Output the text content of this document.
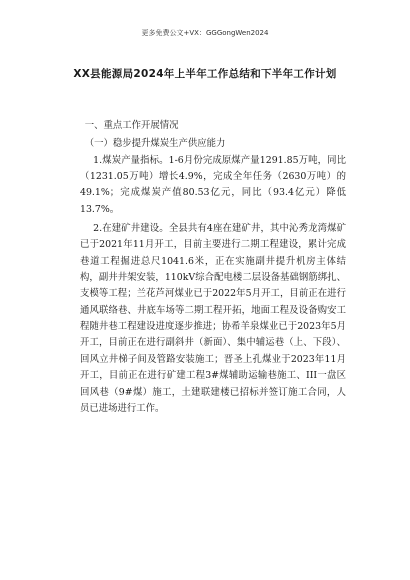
更多免费公文+VX：GGGongWen2024
XX县能源局2024年上半年工作总结和下半年工作计划

一、重点工作开展情况

（一）稳步提升煤炭生产供应能力

1.煤炭产量指标。1-6月份完成原煤产量1291.85万吨，同比（1231.05万吨）增长4.9%，完成全年任务（2630万吨）的49.1%；完成煤炭产值80.53亿元，同比（93.4亿元）降低13.7%。

2.在建矿井建设。全县共有4座在建矿井，其中沁秀龙湾煤矿已于2021年11月开工，目前主要进行二期工程建设，累计完成巷道工程掘进总尺1041.6米，正在实施副井提升机房主体结构，副井井架安装，110kV综合配电楼二层设备基础钢筋绑扎、支模等工程；兰花芦河煤业已于2022年5月开工，目前正在进行通风联络巷、井底车场等二期工程开拓，地面工程及设备购安工程随井巷工程建设进度逐步推进；协希羊泉煤业已于2023年5月开工，目前正在进行副斜井（新面）、集中辅运巷（上、下段）、回风立井梯子间及管路安装施工；晋圣上孔煤业于2023年11月开工，目前正在进行矿建工程3#煤辅助运输巷施工、III一盘区回风巷（9#煤）施工，土建联建楼已招标并签订施工合同，人员已进场进行工作。
